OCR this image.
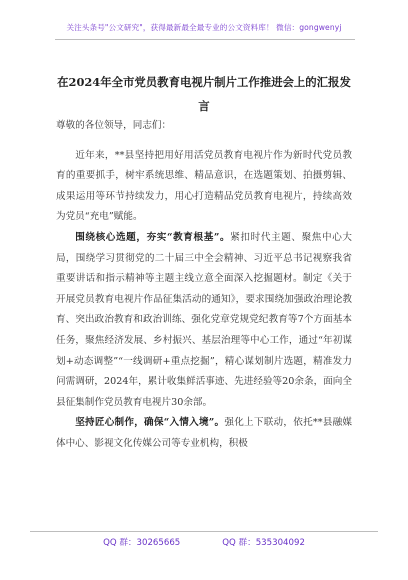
关注头条号"公文研究"，获得最新最全最专业的公文资料库！ 微信：gongwenyj
在2024年全市党员教育电视片制片工作推进会上的汇报发言

尊敬的各位领导，同志们：

近年来，**县坚持把用好用活党员教育电视片作为新时代党员教育的重要抓手，树牢系统思维、精品意识，在选题策划、拍摄剪辑、成果运用等环节持续发力，用心打造精品党员教育电视片，持续高效为党员“充电”赋能。

围绕核心选题，夯实“教育根基”。紧扣时代主题、聚焦中心大局，围绕学习贯彻党的二十届三中全会精神、习近平总书记视察我省重要讲话和指示精神等主题主线立意全面深入挖掘题材。制定《关于开展党员教育电视片作品征集活动的通知》，要求围绕加强政治理论教育、突出政治教育和政治训练、强化党章党规党纪教育等7个方面基本任务，聚焦经济发展、乡村振兴、基层治理等中心工作，通过“年初谋划+动态调整”“一线调研+重点挖掘”，精心谋划制片选题，精准发力问需调研，2024年，累计收集鲜活事迹、先进经验等20余条，面向全县征集制作党员教育电视片30余部。

坚持匠心制作，确保“入情入境”。强化上下联动，依托**县融媒体中心、影视文化传媒公司等专业机构，积极

QQ 群：30265665	QQ 群：535304092
